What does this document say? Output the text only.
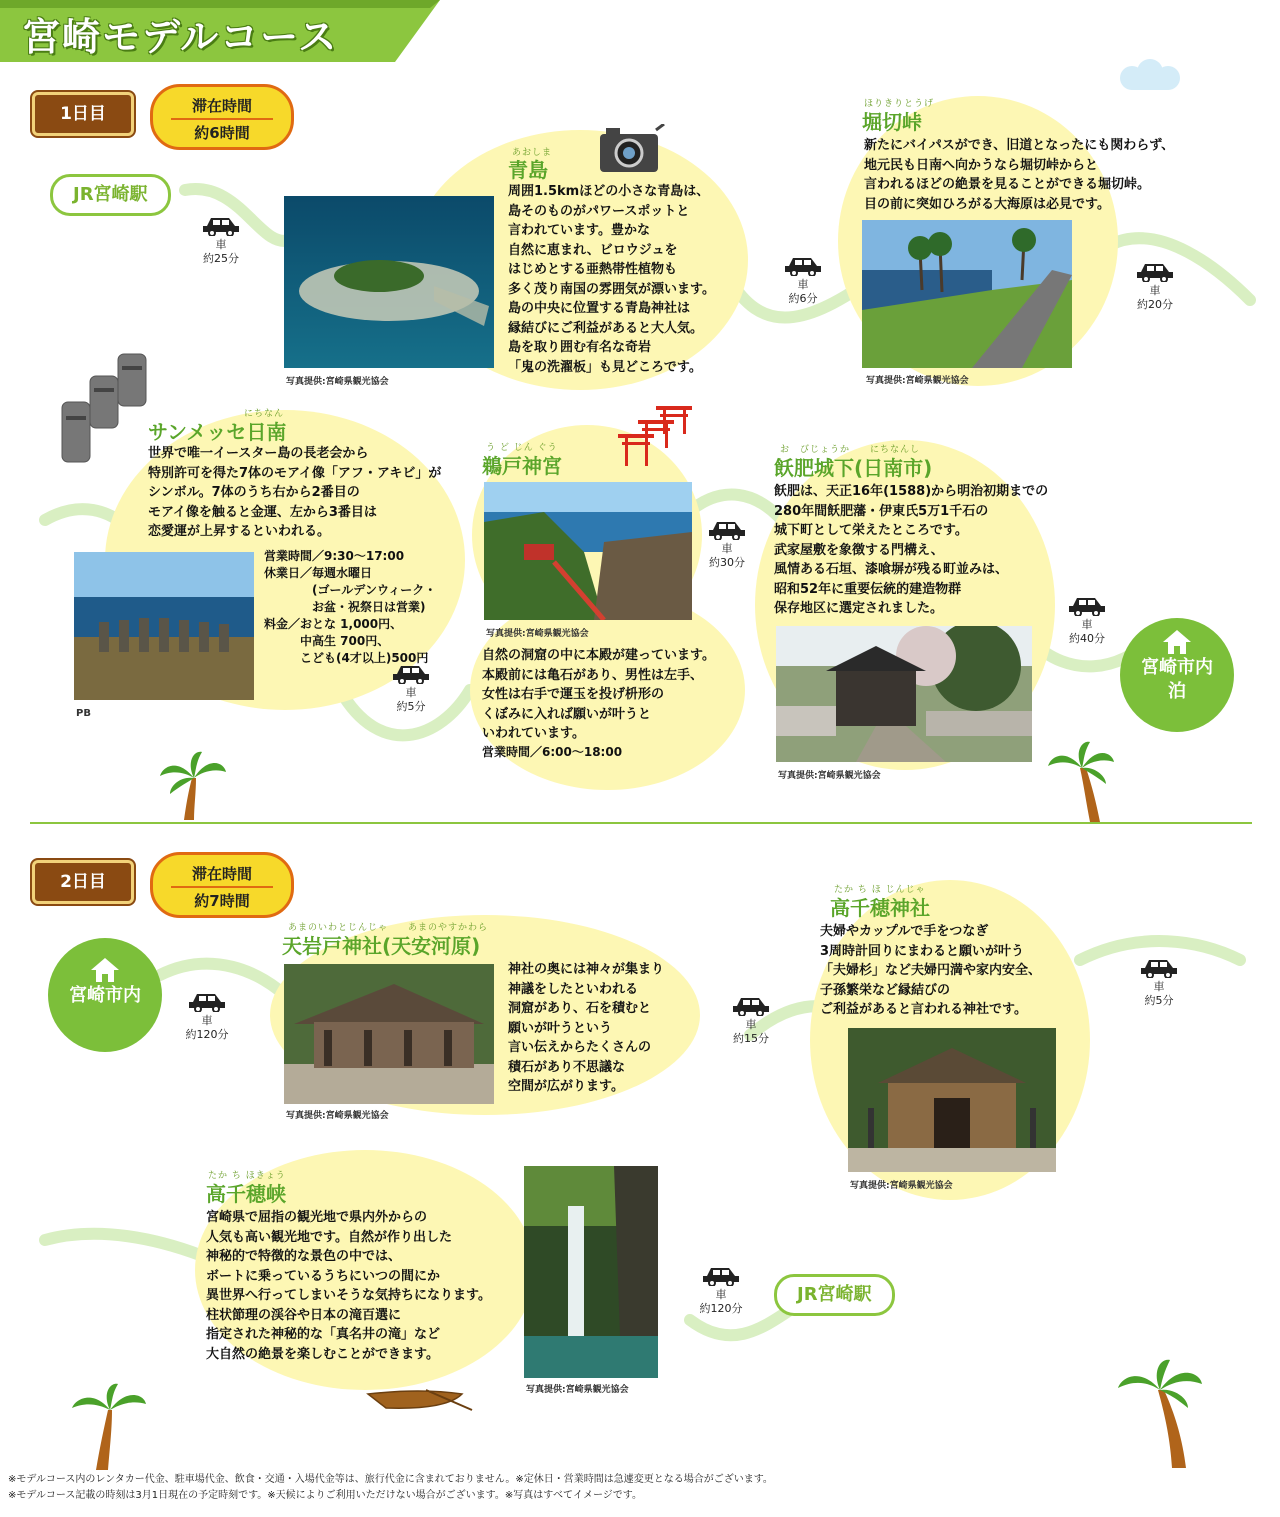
宮崎モデルコース
1日目	滞在時間
約6時間
JR宮崎駅
車
約25分
写真提供:宮崎県観光協会
あおしま
青島
周囲1.5kmほどの小さな青島は、
島そのものがパワースポットと
言われています。豊かな
自然に恵まれ、ビロウジュを
はじめとする亜熱帯性植物も
多く茂り南国の雰囲気が漂います。
島の中央に位置する青島神社は
縁結びにご利益があると大人気。
島を取り囲む有名な奇岩
「鬼の洗濯板」も見どころです。
車
約6分
ほりきりとうげ
堀切峠
新たにバイパスができ、旧道となったにも関わらず、
地元民も日南へ向かうなら堀切峠からと
言われるほどの絶景を見ることができる堀切峠。
目の前に突如ひろがる大海原は必見です。
写真提供:宮崎県観光協会
車
約20分
にちなん
サンメッセ日南
世界で唯一イースター島の長老会から
特別許可を得た7体のモアイ像「アフ・アキビ」が
シンボル。7体のうち右から2番目の
モアイ像を触ると金運、左から3番目は
恋愛運が上昇するといわれる。
PB
営業時間／9:30～17:00
休業日／毎週水曜日
　　　　(ゴールデンウィーク・
　　　　お盆・祝祭日は営業)
料金／おとな 1,000円、
　　　中高生 700円、
　　　こども(4才以上)500円
車
約5分
う ど じん ぐう
鵜戸神宮
写真提供:宮崎県観光協会
自然の洞窟の中に本殿が建っています。
本殿前には亀石があり、男性は左手、
女性は右手で運玉を投げ枡形の
くぼみに入れば願いが叶うと
いわれています。
営業時間／6:00～18:00
車
約30分
お　びじょうか　　にちなんし
飫肥城下(日南市)
飫肥は、天正16年(1588)から明治初期までの
280年間飫肥藩・伊東氏5万1千石の
城下町として栄えたところです。
武家屋敷を象徴する門構え、
風情ある石垣、漆喰塀が残る町並みは、
昭和52年に重要伝統的建造物群
保存地区に選定されました。
写真提供:宮崎県観光協会
車
約40分
宮崎市内
泊
2日目	滞在時間
約7時間
宮崎市内
車
約120分
あまのいわとじんじゃ　　あまのやすかわら
天岩戸神社(天安河原)
写真提供:宮崎県観光協会
神社の奥には神々が集まり
神議をしたといわれる
洞窟があり、石を積むと
願いが叶うという
言い伝えからたくさんの
積石があり不思議な
空間が広がります。
車
約15分
たか ち ほ じんじゃ
高千穂神社
夫婦やカップルで手をつなぎ
3周時計回りにまわると願いが叶う
「夫婦杉」など夫婦円満や家内安全、
子孫繁栄など縁結びの
ご利益があると言われる神社です。
写真提供:宮崎県観光協会
車
約5分
たか ち ほきょう
高千穂峡
宮崎県で屈指の観光地で県内外からの
人気も高い観光地です。自然が作り出した
神秘的で特徴的な景色の中では、
ボートに乗っているうちにいつの間にか
異世界へ行ってしまいそうな気持ちになります。
柱状節理の渓谷や日本の滝百選に
指定された神秘的な「真名井の滝」など
大自然の絶景を楽しむことができます。
写真提供:宮崎県観光協会
車
約120分
JR宮崎駅
※モデルコース内のレンタカー代金、駐車場代金、飲食・交通・入場代金等は、旅行代金に含まれておりません。※定休日・営業時間は急遽変更となる場合がございます。
※モデルコース記載の時刻は3月1日現在の予定時刻です。※天候によりご利用いただけない場合がございます。※写真はすべてイメージです。
